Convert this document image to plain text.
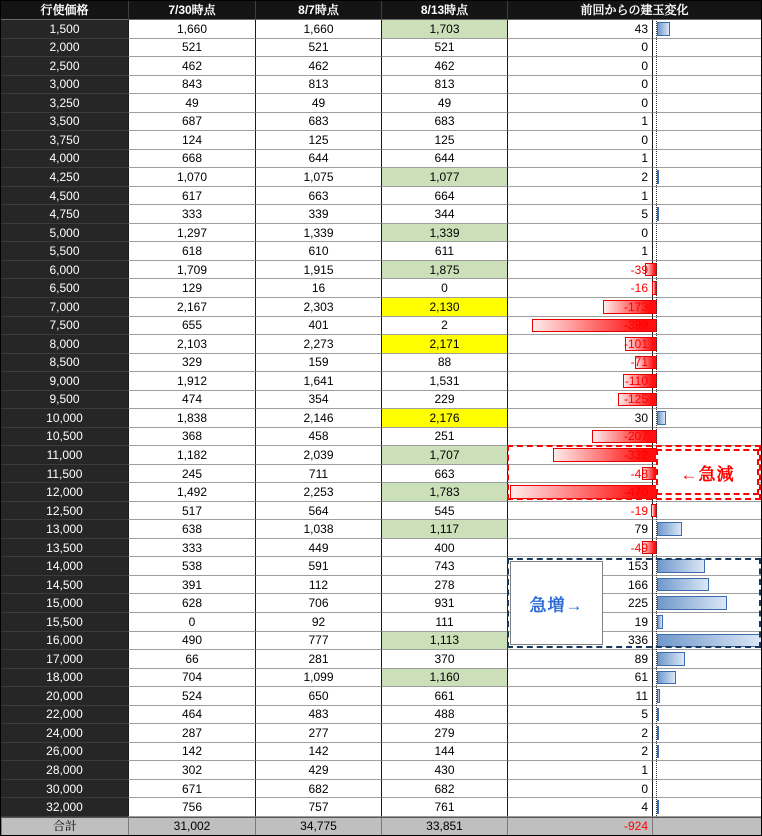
行使価格	7/30時点	8/7時点	8/13時点	前回からの建玉変化
1,500	1,660	1,660	1,703	43
2,000	521	521	521	0
2,500	462	462	462	0
3,000	843	813	813	0
3,250	49	49	49	0
3,500	687	683	683	1
3,750	124	125	125	0
4,000	668	644	644	1
4,250	1,070	1,075	1,077	2
4,500	617	663	664	1
4,750	333	339	344	5
5,000	1,297	1,339	1,339	0
5,500	618	610	611	1
6,000	1,709	1,915	1,875	-39
6,500	129	16	0	-16
7,000	2,167	2,303	2,130	-173
7,500	655	401	2	-399
8,000	2,103	2,273	2,171	-101
8,500	329	159	88	-71
9,000	1,912	1,641	1,531	-110
9,500	474	354	229	-125
10,000	1,838	2,146	2,176	30
10,500	368	458	251	-207
11,000	1,182	2,039	1,707	-332
11,500	245	711	663	-48
12,000	1,492	2,253	1,783	-470
12,500	517	564	545	-19
13,000	638	1,038	1,117	79
13,500	333	449	400	-49
14,000	538	591	743	153
14,500	391	112	278	166
15,000	628	706	931	225
15,500	0	92	111	19
16,000	490	777	1,113	336
17,000	66	281	370	89
18,000	704	1,099	1,160	61
20,000	524	650	661	11
22,000	464	483	488	5
24,000	287	277	279	2
26,000	142	142	144	2
28,000	302	429	430	1
30,000	671	682	682	0
32,000	756	757	761	4
合計	31,002	34,775	33,851	-924
←急減
急増→
